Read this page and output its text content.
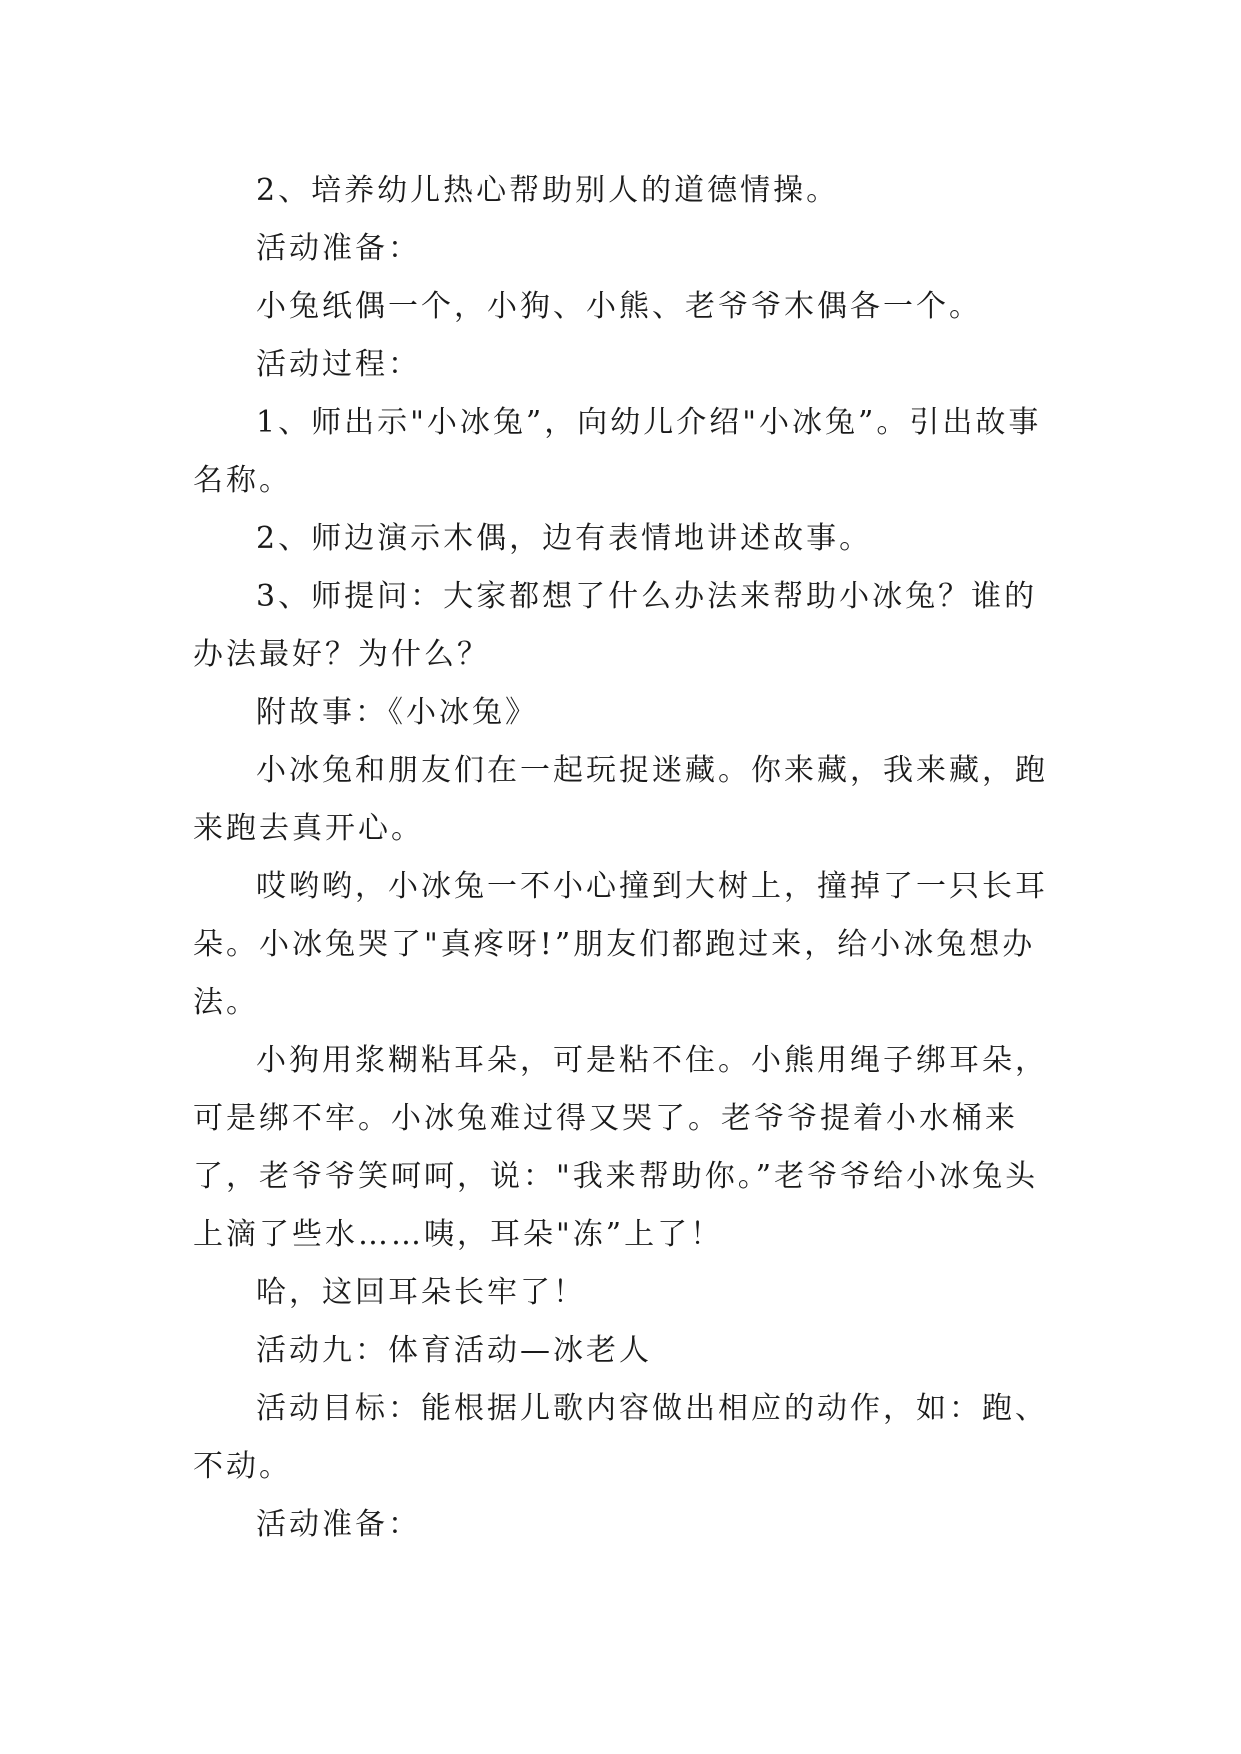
2、培养幼儿热心帮助别人的道德情操。

活动准备：

小兔纸偶一个，小狗、小熊、老爷爷木偶各一个。

活动过程：

1、师出示"小冰兔”，向幼儿介绍"小冰兔”。引出故事名称。

2、师边演示木偶，边有表情地讲述故事。

3、师提问：大家都想了什么办法来帮助小冰兔？谁的办法最好？为什么？

附故事：《小冰兔》

小冰兔和朋友们在一起玩捉迷藏。你来藏，我来藏，跑来跑去真开心。

哎哟哟，小冰兔一不小心撞到大树上，撞掉了一只长耳朵。小冰兔哭了"真疼呀!”朋友们都跑过来，给小冰兔想办法。

小狗用浆糊粘耳朵，可是粘不住。小熊用绳子绑耳朵，可是绑不牢。小冰兔难过得又哭了。老爷爷提着小水桶来了，老爷爷笑呵呵，说："我来帮助你。”老爷爷给小冰兔头上滴了些水……咦，耳朵"冻”上了！

哈，这回耳朵长牢了！

活动九：体育活动—冰老人

活动目标：能根据儿歌内容做出相应的动作，如：跑、不动。

活动准备：
